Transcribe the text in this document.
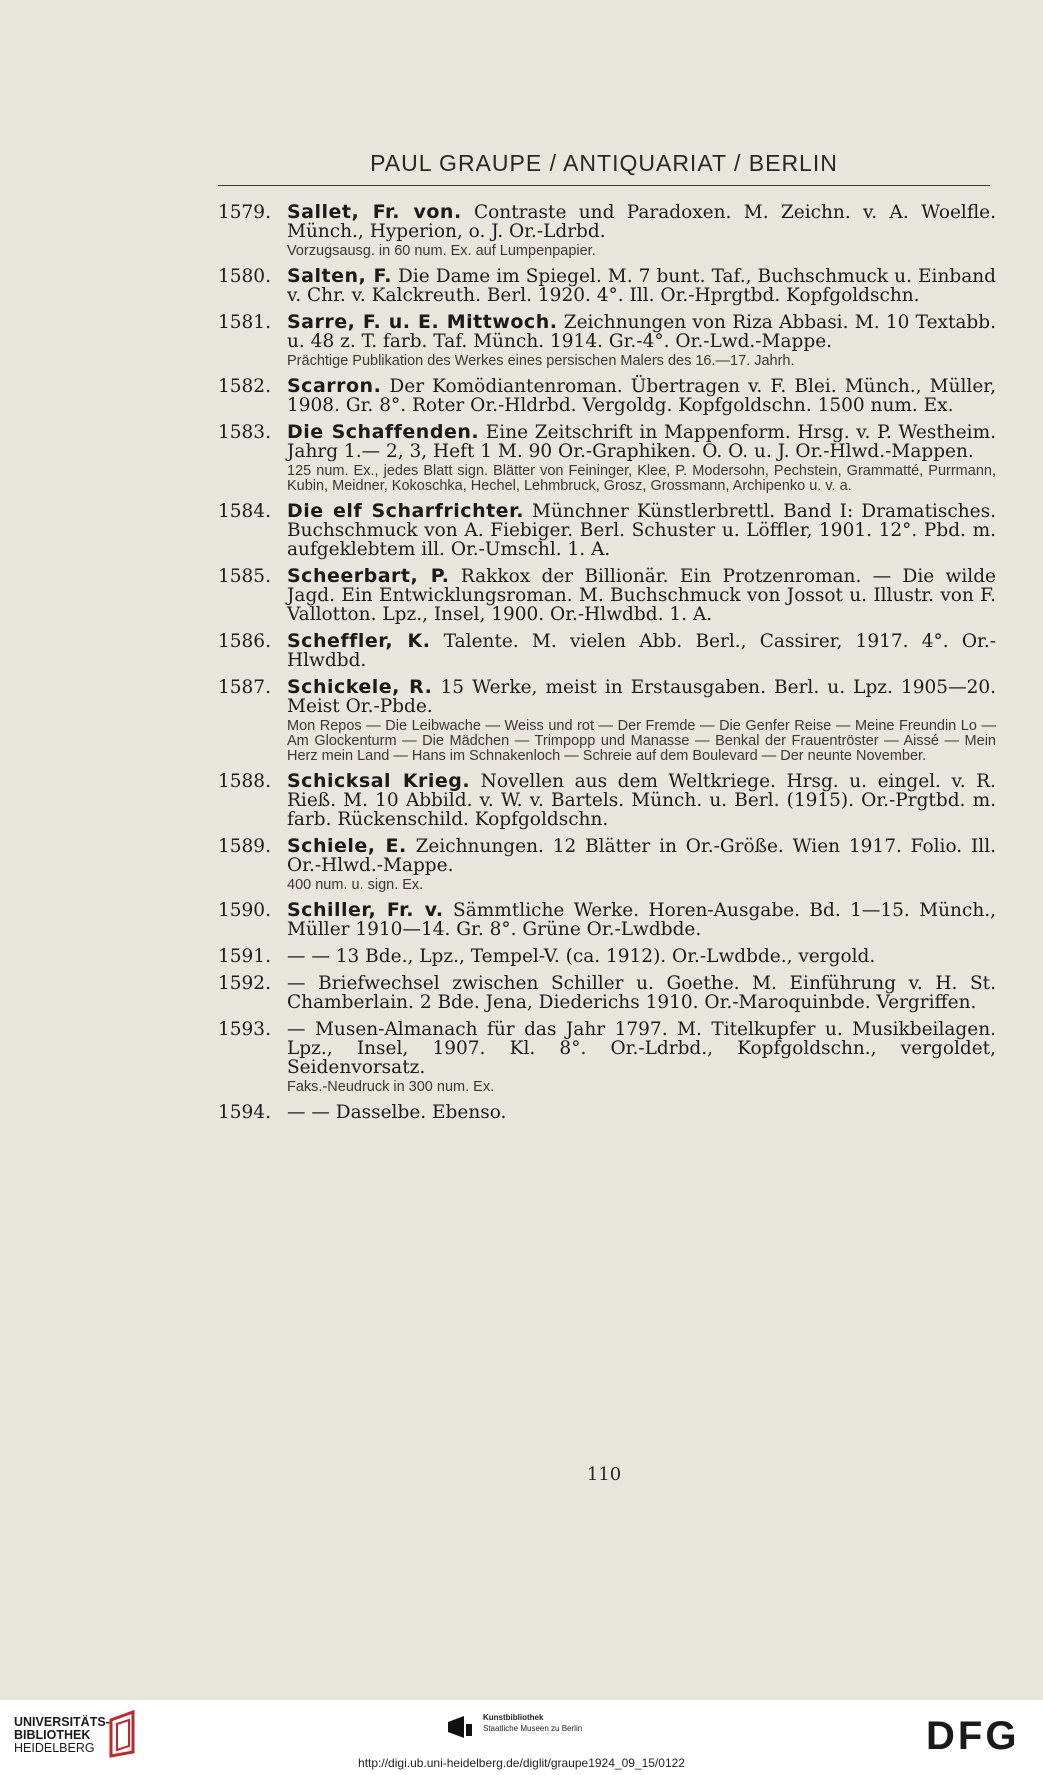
PAUL GRAUPE / ANTIQUARIAT / BERLIN
1579. Sallet, Fr. von. Contraste und Paradoxen. M. Zeichn. v. A. Woelfle. Münch., Hyperion, o. J. Or.-Ldrbd.
Vorzugsausg. in 60 num. Ex. auf Lumpenpapier.
1580. Salten, F. Die Dame im Spiegel. M. 7 bunt. Taf., Buchschmuck u. Einband v. Chr. v. Kalckreuth. Berl. 1920. 4°. Ill. Or.-Hprgtbd. Kopfgoldschn.
1581. Sarre, F. u. E. Mittwoch. Zeichnungen von Riza Abbasi. M. 10 Textabb. u. 48 z. T. farb. Taf. Münch. 1914. Gr.-4°. Or.-Lwd.-Mappe.
Prächtige Publikation des Werkes eines persischen Malers des 16.—17. Jahrh.
1582. Scarron. Der Komödiantenroman. Übertragen v. F. Blei. Münch., Müller, 1908. Gr. 8°. Roter Or.-Hldrbd. Vergoldg. Kopfgoldschn. 1500 num. Ex.
1583. Die Schaffenden. Eine Zeitschrift in Mappenform. Hrsg. v. P. Westheim. Jahrg 1.— 2, 3, Heft 1 M. 90 Or.-Graphiken. O. O. u. J. Or.-Hlwd.-Mappen.
125 num. Ex., jedes Blatt sign. Blätter von Feininger, Klee, P. Modersohn, Pechstein, Grammatté, Purrmann, Kubin, Meidner, Kokoschka, Hechel, Lehmbruck, Grosz, Grossmann, Archipenko u. v. a.
1584. Die elf Scharfrichter. Münchner Künstlerbrettl. Band I: Dramatisches. Buchschmuck von A. Fiebiger. Berl. Schuster u. Löffler, 1901. 12°. Pbd. m. aufgeklebtem ill. Or.-Umschl. 1. A.
1585. Scheerbart, P. Rakkox der Billionär. Ein Protzenroman. — Die wilde Jagd. Ein Entwicklungsroman. M. Buchschmuck von Jossot u. Illustr. von F. Vallotton. Lpz., Insel, 1900. Or.-Hlwdbd. 1. A.
1586. Scheffler, K. Talente. M. vielen Abb. Berl., Cassirer, 1917. 4°. Or.-Hlwdbd.
1587. Schickele, R. 15 Werke, meist in Erstausgaben. Berl. u. Lpz. 1905—20. Meist Or.-Pbde.
Mon Repos — Die Leibwache — Weiss und rot — Der Fremde — Die Genfer Reise — Meine Freundin Lo — Am Glockenturm — Die Mädchen — Trimpopp und Manasse — Benkal der Frauentröster — Aissé — Mein Herz mein Land — Hans im Schnakenloch — Schreie auf dem Boulevard — Der neunte November.
1588. Schicksal Krieg. Novellen aus dem Weltkriege. Hrsg. u. eingel. v. R. Rieß. M. 10 Abbild. v. W. v. Bartels. Münch. u. Berl. (1915). Or.-Prgtbd. m. farb. Rückenschild. Kopfgoldschn.
1589. Schiele, E. Zeichnungen. 12 Blätter in Or.-Größe. Wien 1917. Folio. Ill. Or.-Hlwd.-Mappe.
400 num. u. sign. Ex.
1590. Schiller, Fr. v. Sämmtliche Werke. Horen-Ausgabe. Bd. 1—15. Münch., Müller 1910—14. Gr. 8°. Grüne Or.-Lwdbde.
1591. — — 13 Bde., Lpz., Tempel-V. (ca. 1912). Or.-Lwdbde., vergold.
1592. — Briefwechsel zwischen Schiller u. Goethe. M. Einführung v. H. St. Chamberlain. 2 Bde. Jena, Diederichs 1910. Or.-Maroquinbde. Vergriffen.
1593. — Musen-Almanach für das Jahr 1797. M. Titelkupfer u. Musikbeilagen. Lpz., Insel, 1907. Kl. 8°. Or.-Ldrbd., Kopfgoldschn., vergoldet, Seidenvorsatz.
Faks.-Neudruck in 300 num. Ex.
1594. — — Dasselbe. Ebenso.
110
UNIVERSITÄTS-
BIBLIOTHEK
HEIDELBERG
Kunstbibliothek
Staatliche Museen zu Berlin	DFG
http://digi.ub.uni-heidelberg.de/diglit/graupe1924_09_15/0122
